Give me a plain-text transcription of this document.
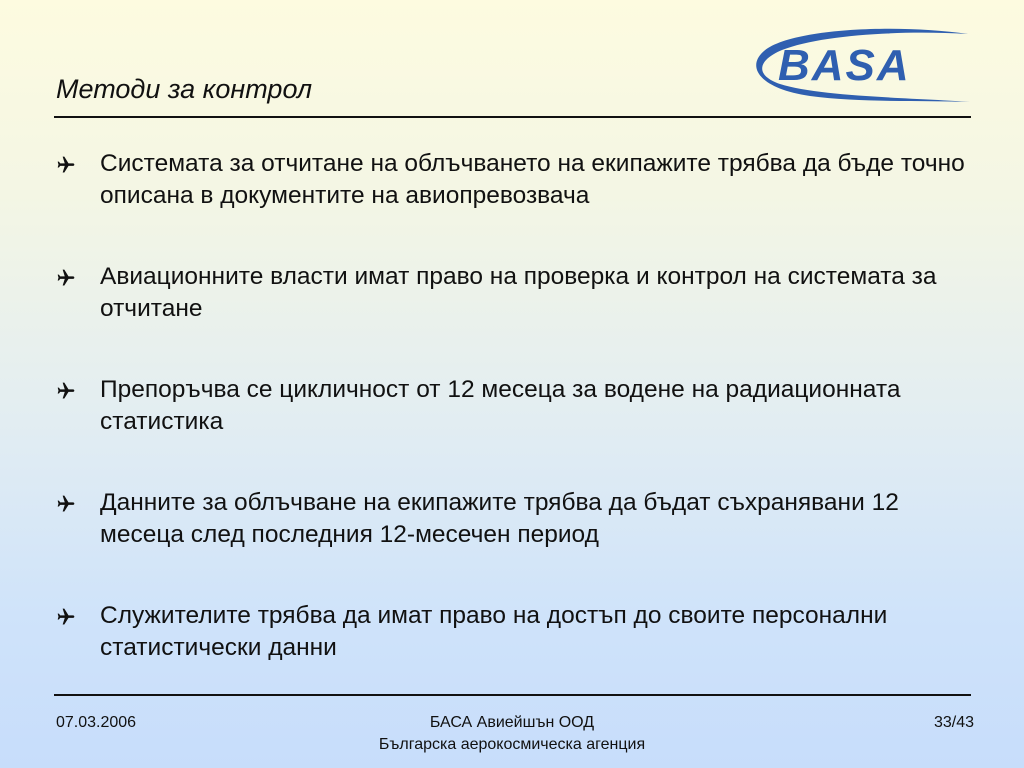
Методи за контрол	BASA
Системата за отчитане на облъчването на екипажите трябва да бъде точно описана в документите на авиопревозвача
Авиационните власти имат право на проверка и контрол на системата за отчитане
Препоръчва се цикличност от 12 месеца за водене на радиационната статистика
Данните за облъчване на екипажите трябва да бъдат съхранявани 12 месеца след последния 12-месечен период
Служителите трябва да имат право на достъп до своите персонални статистически данни
07.03.2006	БАСА Авиейшън ООД
Българска аерокосмическа агенция
33/43
